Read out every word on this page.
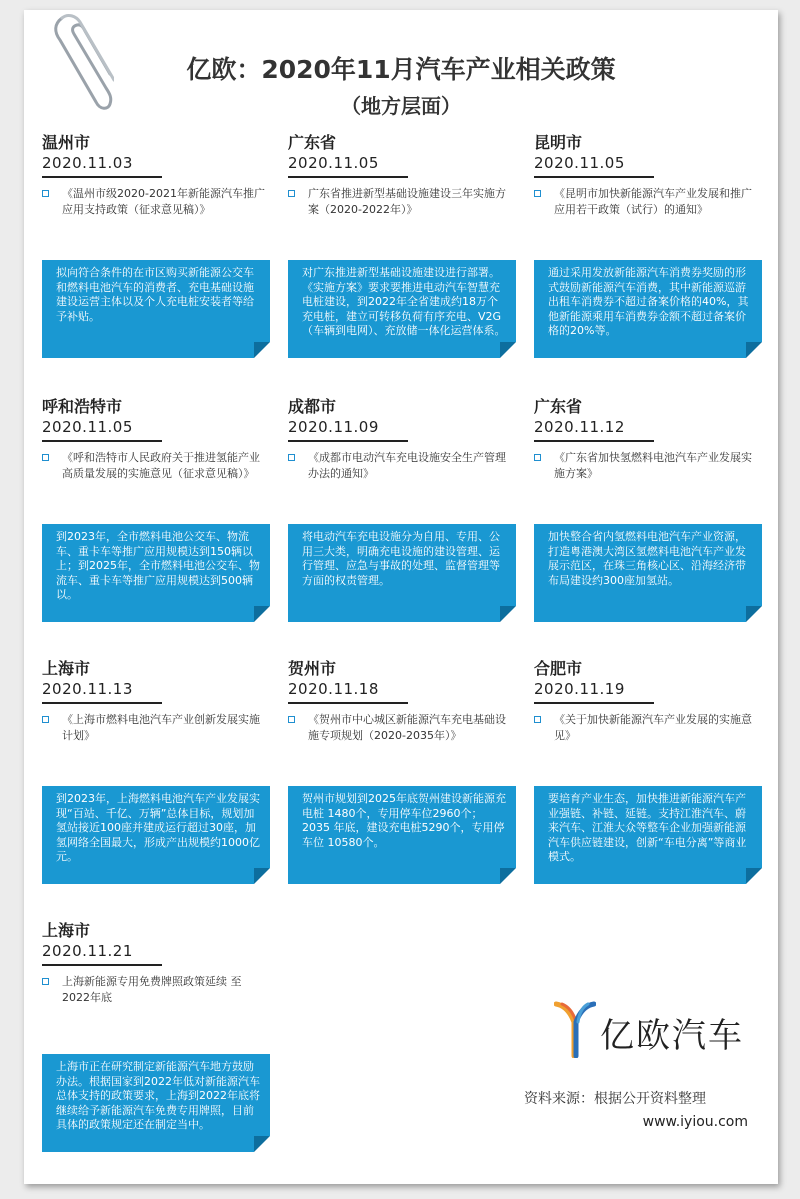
亿欧：2020年11月汽车产业相关政策
（地方层面）
温州市
2020.11.03
《温州市级2020-2021年新能源汽车推广应用支持政策（征求意见稿）》
拟向符合条件的在市区购买新能源公交车和燃料电池汽车的消费者、充电基础设施建设运营主体以及个人充电桩安装者等给予补贴。
广东省
2020.11.05
广东省推进新型基础设施建设三年实施方案（2020-2022年）》
对广东推进新型基础设施建设进行部署。《实施方案》要求要推进电动汽车智慧充电桩建设，到2022年全省建成约18万个充电桩，建立可转移负荷有序充电、V2G（车辆到电网）、充放储一体化运营体系。
昆明市
2020.11.05
《昆明市加快新能源汽车产业发展和推广应用若干政策（试行）的通知》
通过采用发放新能源汽车消费券奖励的形式鼓励新能源汽车消费，其中新能源巡游出租车消费券不超过备案价格的40%，其他新能源乘用车消费券金额不超过备案价格的20%等。
呼和浩特市
2020.11.05
《呼和浩特市人民政府关于推进氢能产业高质量发展的实施意见（征求意见稿）》
到2023年，全市燃料电池公交车、物流车、重卡车等推广应用规模达到150辆以上；到2025年，全市燃料电池公交车、物流车、重卡车等推广应用规模达到500辆以。
成都市
2020.11.09
《成都市电动汽车充电设施安全生产管理办法的通知》
将电动汽车充电设施分为自用、专用、公用三大类，明确充电设施的建设管理、运行管理、应急与事故的处理、监督管理等方面的权责管理。
广东省
2020.11.12
《广东省加快氢燃料电池汽车产业发展实施方案》
加快整合省内氢燃料电池汽车产业资源，打造粤港澳大湾区氢燃料电池汽车产业发展示范区，在珠三角核心区、沿海经济带布局建设约300座加氢站。
上海市
2020.11.13
《上海市燃料电池汽车产业创新发展实施计划》
到2023年，上海燃料电池汽车产业发展实现“百站、千亿、万辆”总体目标，规划加氢站接近100座并建成运行超过30座，加氢网络全国最大，形成产出规模约1000亿元。
贺州市
2020.11.18
《贺州市中心城区新能源汽车充电基础设施专项规划（2020-2035年）》
贺州市规划到2025年底贺州建设新能源充电桩 1480个，专用停车位2960个；2035 年底，建设充电桩5290个，专用停车位 10580个。
合肥市
2020.11.19
《关于加快新能源汽车产业发展的实施意见》
要培育产业生态，加快推进新能源汽车产业强链、补链、延链。支持江淮汽车、蔚来汽车、江淮大众等整车企业加强新能源汽车供应链建设，创新“车电分离”等商业模式。
上海市
2020.11.21
上海新能源专用免费牌照政策延续 至2022年底
上海市正在研究制定新能源汽车地方鼓励办法。根据国家到2022年低对新能源汽车总体支持的政策要求，上海到2022年底将继续给予新能源汽车免费专用牌照，目前具体的政策规定还在制定当中。
亿欧汽车
资料来源：根据公开资料整理
www.iyiou.com
